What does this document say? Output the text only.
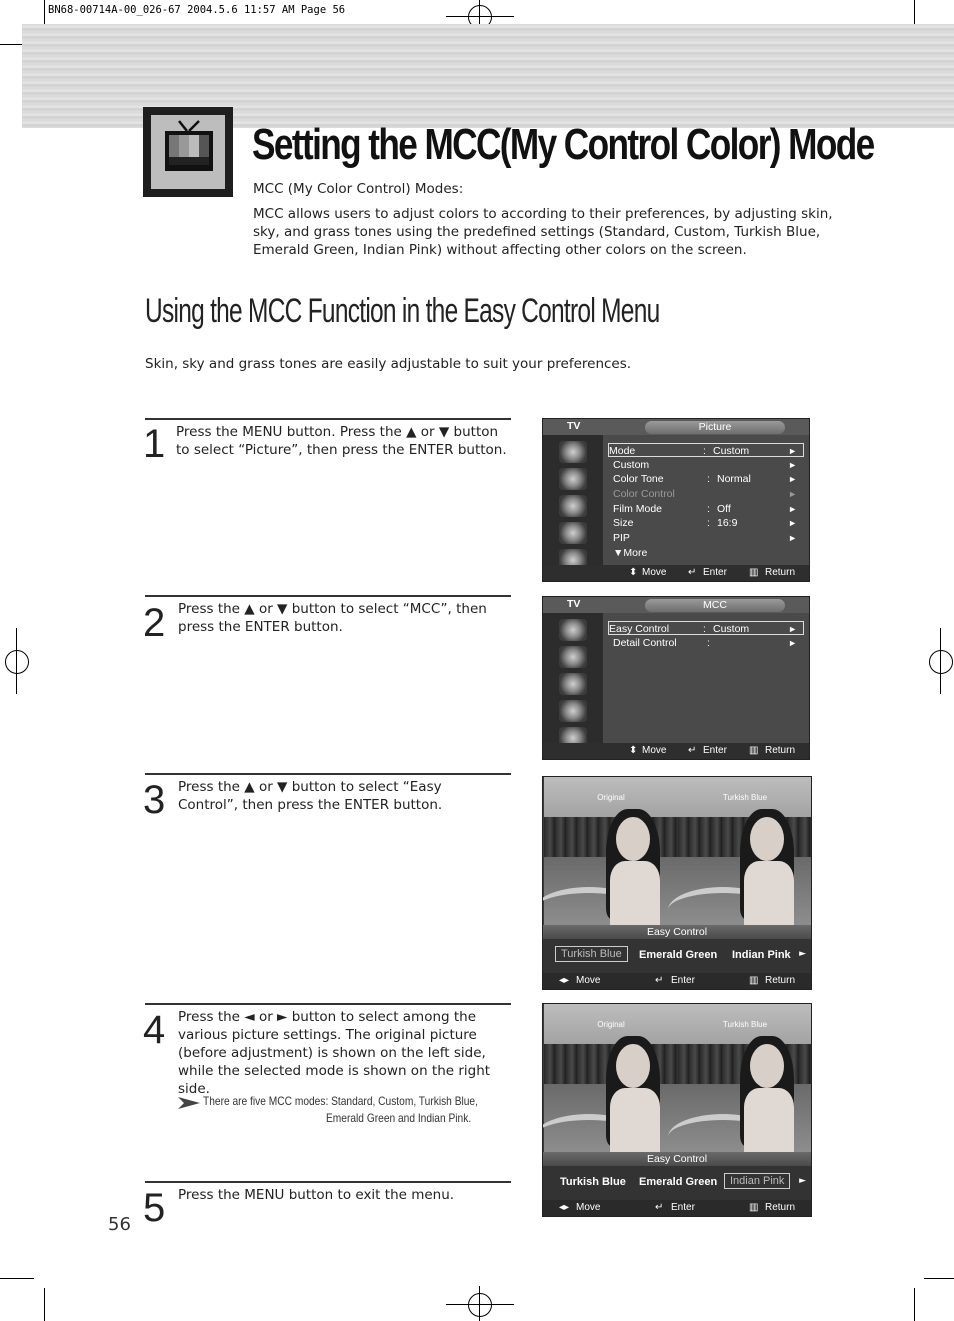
BN68-00714A-00_026-67 2004.5.6 11:57 AM Page 56
Setting the MCC(My Control Color) Mode
MCC (My Color Control) Modes:
MCC allows users to adjust colors to according to their preferences, by adjusting skin, sky, and grass tones using the predefined settings (Standard, Custom, Turkish Blue, Emerald Green, Indian Pink) without affecting other colors on the screen.
Using the MCC Function in the Easy Control Menu
Skin, sky and grass tones are easily adjustable to suit your preferences.
1 Press the MENU button. Press the ▲ or ▼ button to select “Picture”, then press the ENTER button.
2 Press the ▲ or ▼ button to select “MCC”, then press the ENTER button.
3 Press the ▲ or ▼ button to select “Easy Control”, then press the ENTER button.
4 Press the ◄ or ► button to select among the various picture settings. The original picture (before adjustment) is shown on the left side, while the selected mode is shown on the right side.
There are five MCC modes: Standard, Custom, Turkish Blue,
Emerald Green and Indian Pink.
5 Press the MENU button to exit the menu.
56
TV	Picture
Mode	: Custom	►
Custom	►
Color Tone	: Normal	►
Color Control	►
Film Mode	: Off	►
Size	: 16:9	►
PIP	►
▼More
⬍ Move ↵ Enter ▥ Return
TV	MCC
Easy Control	: Custom	►
Detail Control	:	►
⬍ Move ↵ Enter ▥ Return
Original	Turkish Blue
Easy Control
Turkish Blue	Emerald Green Indian Pink ►
◂▸ Move	↵ Enter	▥ Return
Original	Turkish Blue
Easy Control
Turkish Blue Emerald Green	Indian Pink	►
◂▸ Move	↵ Enter	▥ Return
